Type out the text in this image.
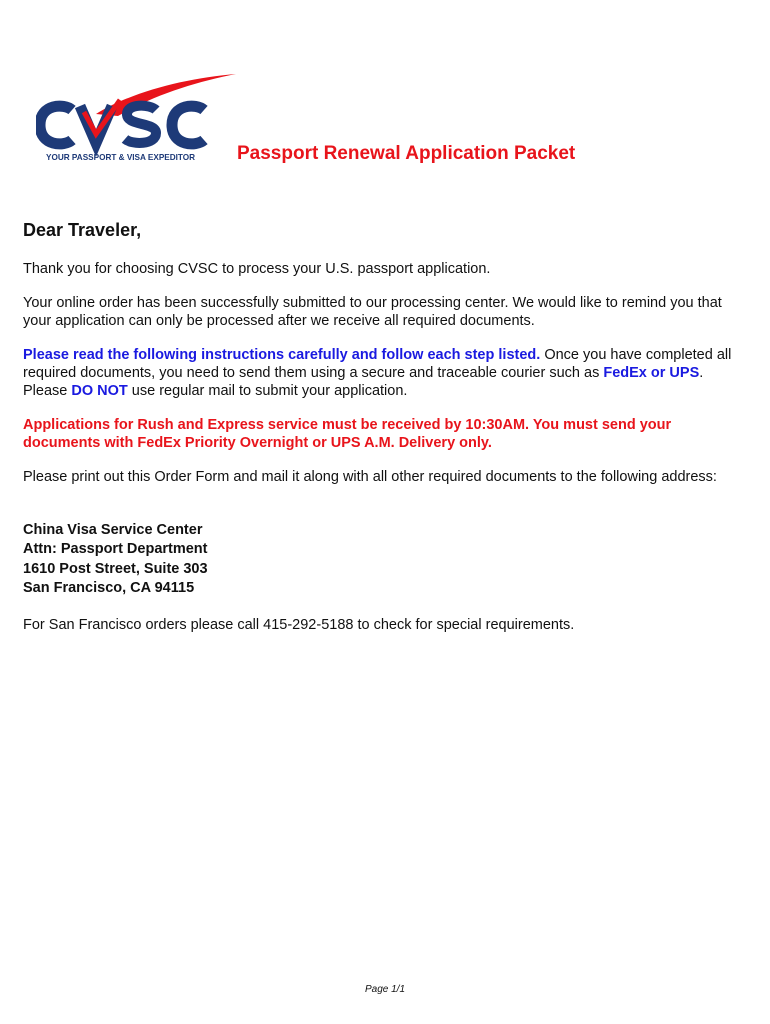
YOUR PASSPORT & VISA EXPEDITOR Passport Renewal Application Packet
Dear Traveler,

Thank you for choosing CVSC to process your U.S. passport application.

Your online order has been successfully submitted to our processing center. We would like to remind you that your application can only be processed after we receive all required documents.

Please read the following instructions carefully and follow each step listed. Once you have completed all required documents, you need to send them using a secure and traceable courier such as FedEx or UPS. Please DO NOT use regular mail to submit your application.

Applications for Rush and Express service must be received by 10:30AM. You must send your documents with FedEx Priority Overnight or UPS A.M. Delivery only.

Please print out this Order Form and mail it along with all other required documents to the following address:

China Visa Service Center
Attn: Passport Department
1610 Post Street, Suite 303
San Francisco, CA 94115
For San Francisco orders please call 415-292-5188 to check for special requirements.
Page 1/1
